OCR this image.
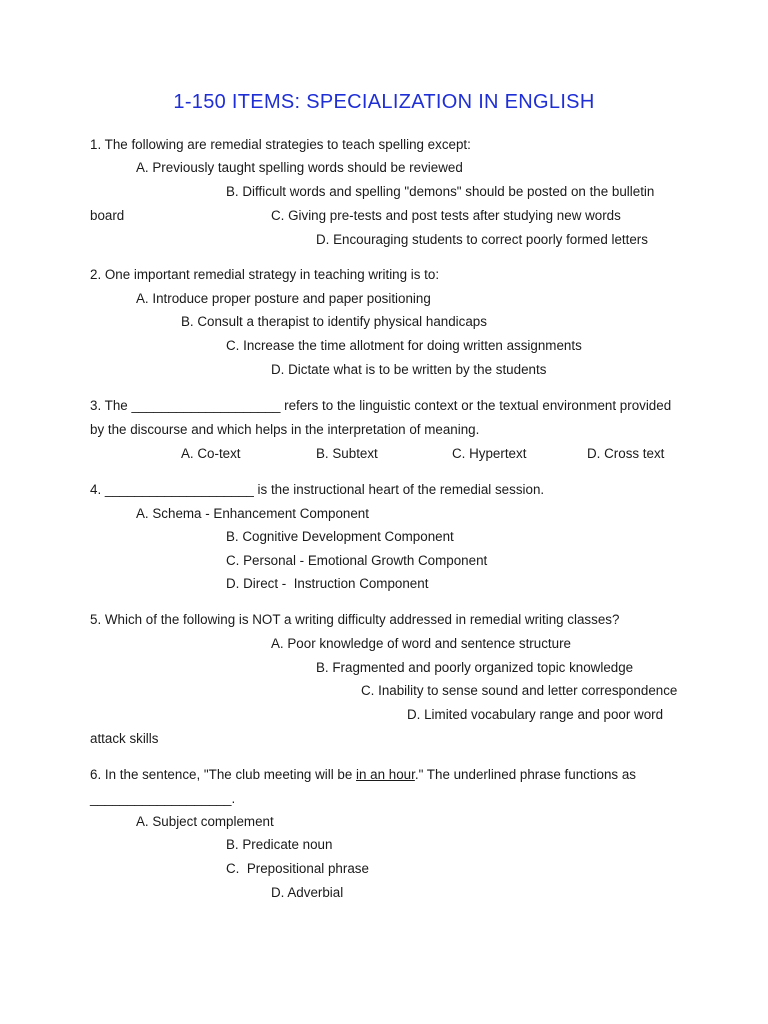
1-150 ITEMS: SPECIALIZATION IN ENGLISH
1. The following are remedial strategies to teach spelling except:
A. Previously taught spelling words should be reviewed
B. Difficult words and spelling "demons" should be posted on the bulletin
board	C. Giving pre-tests and post tests after studying new words
D. Encouraging students to correct poorly formed letters
2. One important remedial strategy in teaching writing is to:
A. Introduce proper posture and paper positioning
B. Consult a therapist to identify physical handicaps
C. Increase the time allotment for doing written assignments
D. Dictate what is to be written by the students
3. The ____________________ refers to the linguistic context or the textual environment provided
by the discourse and which helps in the interpretation of meaning.
A. Co-text	B. Subtext	C. Hypertext	D. Cross text
4. ____________________ is the instructional heart of the remedial session.
A. Schema - Enhancement Component
B. Cognitive Development Component
C. Personal - Emotional Growth Component
D. Direct -  Instruction Component
5. Which of the following is NOT a writing difficulty addressed in remedial writing classes?
A. Poor knowledge of word and sentence structure
B. Fragmented and poorly organized topic knowledge
C. Inability to sense sound and letter correspondence
D. Limited vocabulary range and poor word
attack skills
6. In the sentence, "The club meeting will be in an hour." The underlined phrase functions as
___________________.
A. Subject complement
B. Predicate noun
C.  Prepositional phrase
D. Adverbial
